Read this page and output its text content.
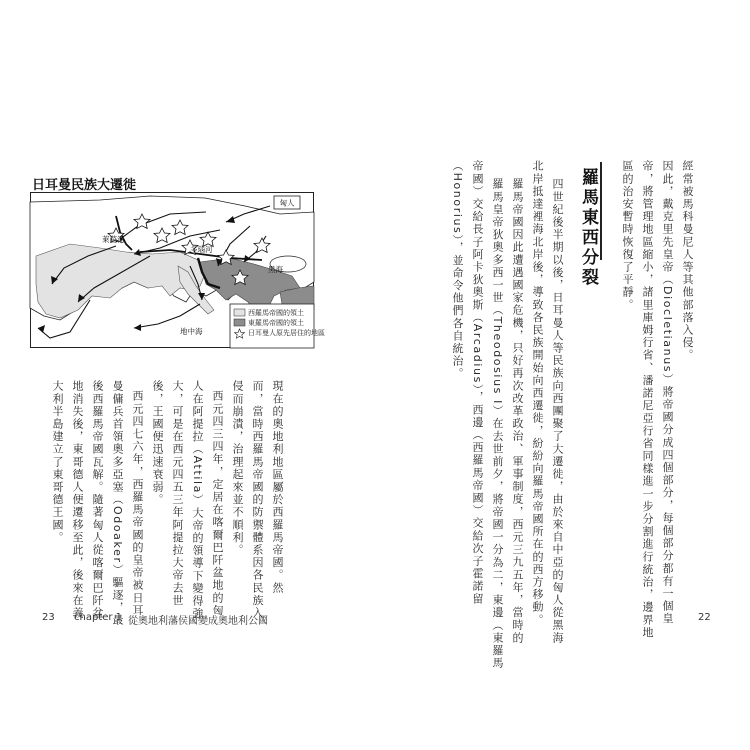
經常被馬科曼尼人等其他部落入侵。
因此，戴克里先皇帝（Diocletianus）將帝國分成四個部分，每個部分都有一個皇
帝，將管理地區縮小，諸里庫姆行省、潘諾尼亞行省同樣進一步分割進行統治，邊界地
區的治安暫時恢復了平靜。
羅馬東西分裂
四世紀後半期以後，日耳曼人等民族向西團聚了大遷徙，由於來自中亞的匈人從黑海
北岸抵達裡海北岸後，導致各民族開始向西遷徙，紛紛向羅馬帝國所在的西方移動。
羅馬帝國因此遭遇國家危機，只好再次改革政治、軍事制度，西元三九五年，當時的
羅馬皇帝狄奧多西一世（Theodosius I）在去世前夕，將帝國一分為二，東邊（東羅馬
帝國）交給長子阿卡狄奧斯（Arcadius），西邊（西羅馬帝國）交給次子霍諾留
（Honorius），並命令他們各自統治。
22
日耳曼民族大遷徙
匈人
萊茵河
多瑙河
黑海
地中海
西羅馬帝國的領土
東羅馬帝國的領土
日耳曼人原先居住的地區
現在的奧地利地區屬於西羅馬帝國。然
而，當時西羅馬帝國的防禦體系因各民族入
侵而崩潰，治理起來並不順利。
西元四三四年，定居在喀爾巴阡盆地的匈
人在阿提拉（Attila）大帝的領導下變得強
大，可是在西元四五三年阿提拉大帝去世
後，王國便迅速衰弱。
西元四七六年，西羅馬帝國的皇帝被日耳
曼傭兵首領奧多亞塞（Odoaker）驅逐，最
後西羅馬帝國瓦解。隨著匈人從喀爾巴阡盆
地消失後，東哥德人便遷移至此，後來在義
大利半島建立了東哥德王國。
23 chapter 1 從奧地利藩侯國變成奧地利公國
